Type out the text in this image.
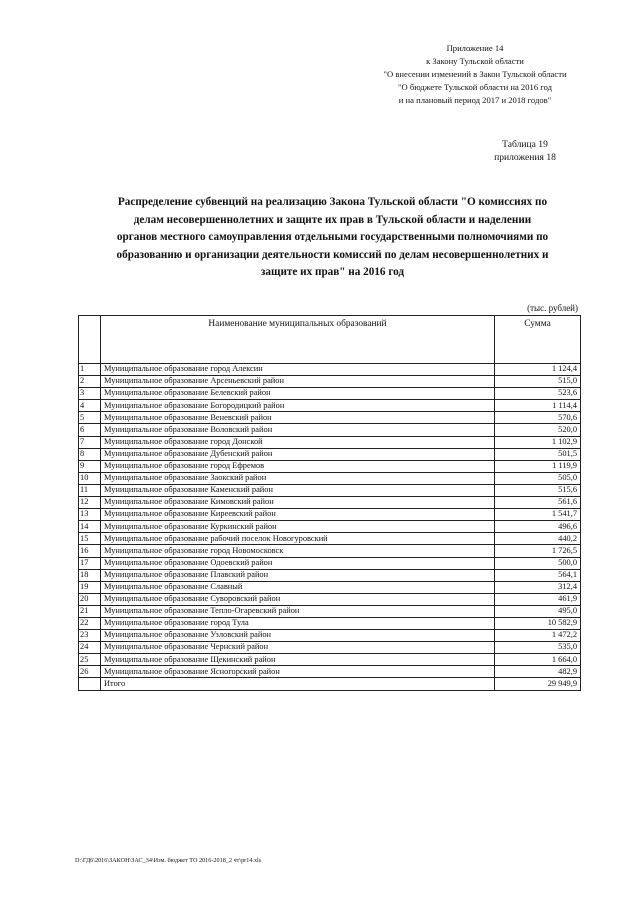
Приложение 14
к Закону Тульской области
"О внесении изменений в Закон Тульской области
"О бюджете Тульской области на 2016 год
и на плановый период 2017 и 2018 годов"
Таблица 19
приложения 18
Распределение субвенций на реализацию Закона Тульской области "О комиссиях по
делам несовершеннолетних и защите их прав в Тульской области и наделении
органов местного самоуправления отдельными государственными полномочиями по
образованию и организации деятельности комиссий по делам несовершеннолетних и
защите их прав" на 2016 год
(тыс. рублей)
	Наименование муниципальных образований	Сумма
1	Муниципальное образование город Алексин	1 124,4
2	Муниципальное образование Арсеньевский район	515,0
3	Муниципальное образование Белевский район	523,6
4	Муниципальное образование Богородицкий район	1 114,4
5	Муниципальное образование Веневский район	570,6
6	Муниципальное образование Воловский район	520,0
7	Муниципальное образование город Донской	1 102,9
8	Муниципальное образование Дубенский район	501,5
9	Муниципальное образование город Ефремов	1 119,9
10	Муниципальное образование Заокский район	505,0
11	Муниципальное образование Каменский район	515,6
12	Муниципальное образование Кимовский район	561,6
13	Муниципальное образование Киреевский район	1 541,7
14	Муниципальное образование Куркинский район	496,6
15	Муниципальное образование рабочий поселок Новогуровский	440,2
16	Муниципальное образование город Новомосковск	1 726,5
17	Муниципальное образование Одоевский район	500,0
18	Муниципальное образование Плавский район	564,1
19	Муниципальное образование Славный	312,4
20	Муниципальное образование Суворовский район	461,9
21	Муниципальное образование Тепло-Огаревский район	495,0
22	Муниципальное образование город Тула	10 582,9
23	Муниципальное образование Узловский район	1 472,2
24	Муниципальное образование Чернский район	535,0
25	Муниципальное образование Щекинский район	1 664,0
26	Муниципальное образование Ясногорский район	482,9
	Итого	29 949,9
D:\ГД6\2016\ЗАКОН\ЗАС_34\Изм. бюджет ТО 2016-2018_2 чт\pr14.xls
